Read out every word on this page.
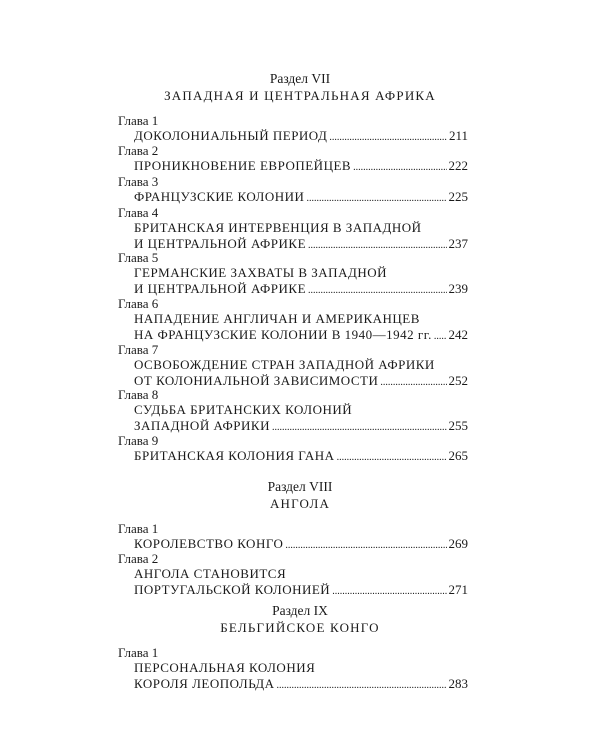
Раздел VII
ЗАПАДНАЯ И ЦЕНТРАЛЬНАЯ АФРИКА
Глава 1
ДОКОЛОНИАЛЬНЫЙ ПЕРИОД .....	211
Глава 2
ПРОНИКНОВЕНИЕ ЕВРОПЕЙЦЕВ .....	222
Глава 3
ФРАНЦУЗСКИЕ КОЛОНИИ .....	225
Глава 4
БРИТАНСКАЯ ИНТЕРВЕНЦИЯ В ЗАПАДНОЙ
И ЦЕНТРАЛЬНОЙ АФРИКЕ .....	237
Глава 5
ГЕРМАНСКИЕ ЗАХВАТЫ В ЗАПАДНОЙ
И ЦЕНТРАЛЬНОЙ АФРИКЕ .....	239
Глава 6
НАПАДЕНИЕ АНГЛИЧАН И АМЕРИКАНЦЕВ
НА ФРАНЦУЗСКИЕ КОЛОНИИ В 1940—1942 гг. ..... 242
Глава 7
ОСВОБОЖДЕНИЕ СТРАН ЗАПАДНОЙ АФРИКИ
ОТ КОЛОНИАЛЬНОЙ ЗАВИСИМОСТИ .....	252
Глава 8
СУДЬБА БРИТАНСКИХ КОЛОНИЙ
ЗАПАДНОЙ АФРИКИ .....	255
Глава 9
БРИТАНСКАЯ КОЛОНИЯ ГАНА .....	265
Раздел VIII
АНГОЛА
Глава 1
КОРОЛЕВСТВО КОНГО .....	269
Глава 2
АНГОЛА СТАНОВИТСЯ
ПОРТУГАЛЬСКОЙ КОЛОНИЕЙ .....	271
Раздел IX
БЕЛЬГИЙСКОЕ КОНГО
Глава 1
ПЕРСОНАЛЬНАЯ КОЛОНИЯ
КОРОЛЯ ЛЕОПОЛЬДА .....	283
